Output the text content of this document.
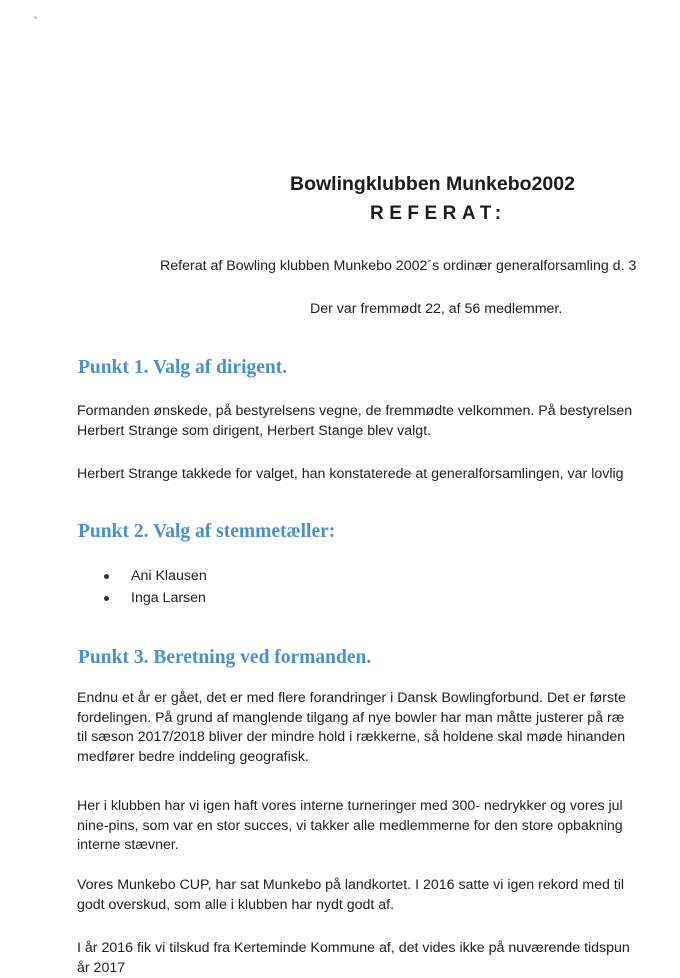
Bowlingklubben Munkebo2002
REFERAT:

Referat af Bowling klubben Munkebo 2002´s ordinær generalforsamling d. 3

Der var fremmødt 22, af 56 medlemmer.

Punkt 1. Valg af dirigent.
Formanden ønskede, på bestyrelsens vegne, de fremmødte velkommen. På bestyrelsen
Herbert Strange som dirigent, Herbert Stange blev valgt.
Herbert Strange takkede for valget, han konstaterede at generalforsamlingen, var lovlig
Punkt 2. Valg af stemmetæller:
Ani Klausen
Inga Larsen
Punkt 3. Beretning ved formanden.
Endnu et år er gået, det er med flere forandringer i Dansk Bowlingforbund. Det er første
fordelingen. På grund af manglende tilgang af nye bowler har man måtte justerer på ræ
til sæson 2017/2018 bliver der mindre hold i rækkerne, så holdene skal møde hinanden
medfører bedre inddeling geografisk.
Her i klubben har vi igen haft vores interne turneringer med 300- nedrykker og vores jul
nine-pins, som var en stor succes, vi takker alle medlemmerne for den store opbakning
interne stævner.
Vores Munkebo CUP, har sat Munkebo på landkortet. I 2016 satte vi igen rekord med til
godt overskud, som alle i klubben har nydt godt af.
I år 2016 fik vi tilskud fra Kerteminde Kommune af, det vides ikke på nuværende tidspun
år 2017
